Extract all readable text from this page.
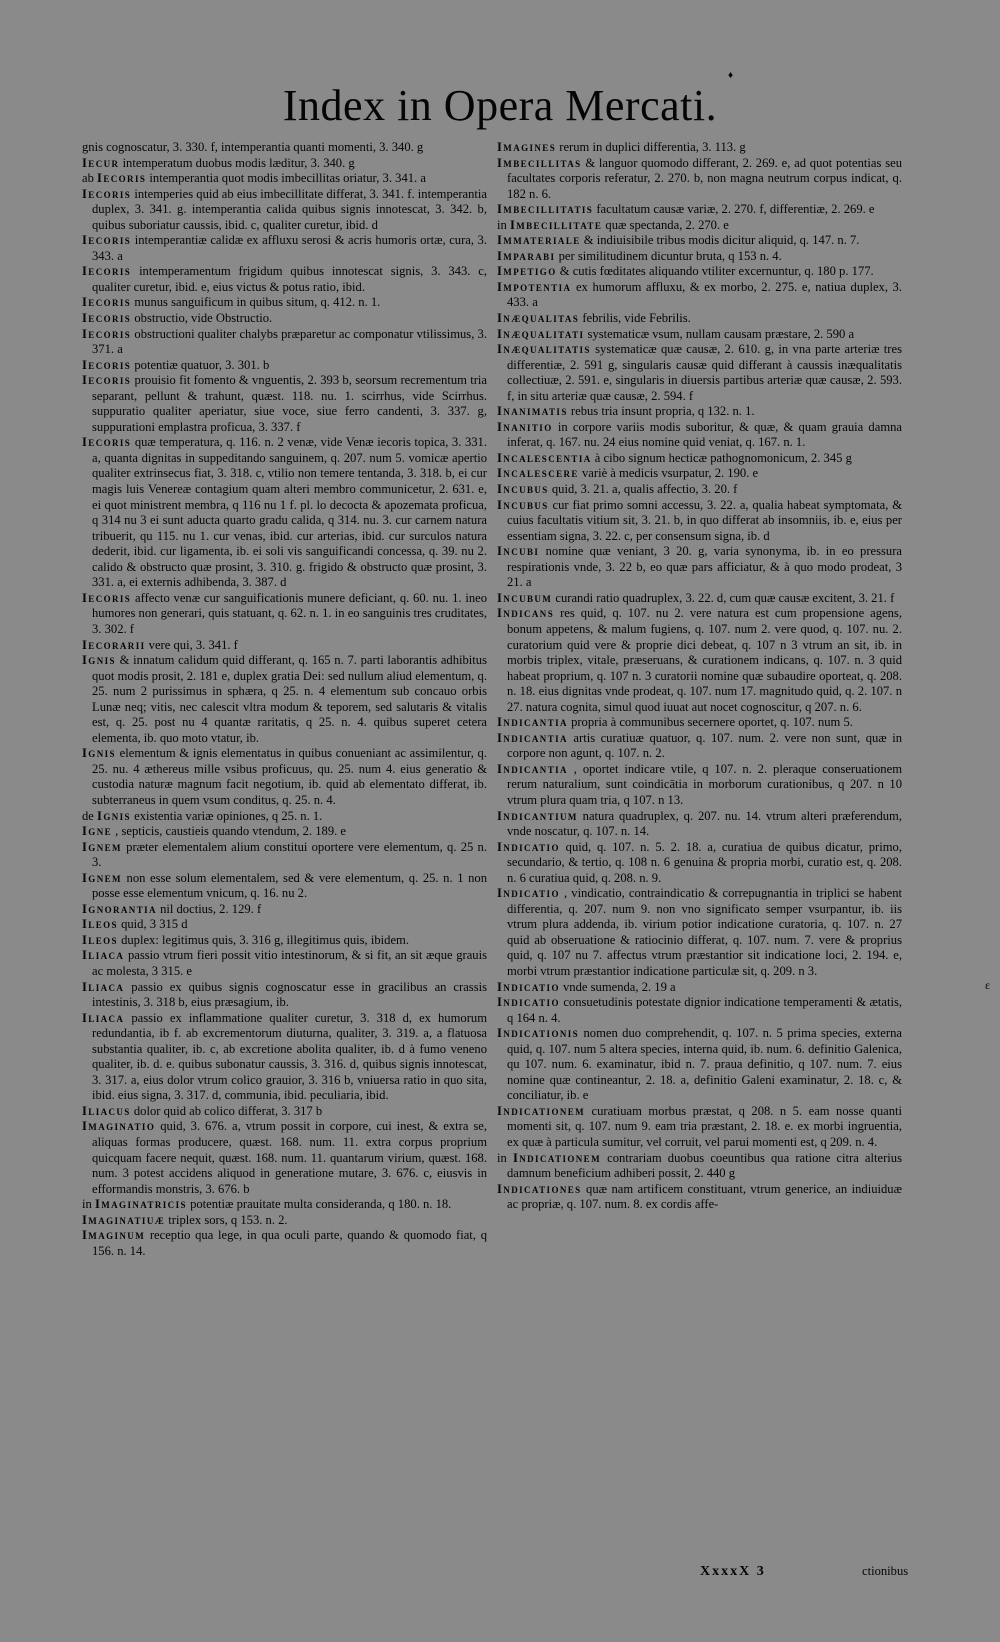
♦
Index in Opera Mercati.
gnis cognoscatur, 3. 330. f, intemperantia quanti momenti, 3. 340. g
Iecur intemperatum duobus modis læditur, 3. 340. g
ab Iecoris intemperantia quot modis imbecillitas oriatur, 3. 341. a
Iecoris intemperies quid ab eius imbecillitate differat, 3. 341. f. intemperantia duplex, 3. 341. g. intemperantia calida quibus signis innotescat, 3. 342. b, quibus suboriatur caussis, ibid. c, qualiter curetur, ibid. d
Iecoris intemperantiæ calidæ ex affluxu serosi & acris humoris ortæ, cura, 3. 343. a
Iecoris intemperamentum frigidum quibus innotescat signis, 3. 343. c, qualiter curetur, ibid. e, eius victus & potus ratio, ibid.
Iecoris munus sanguificum in quibus situm, q. 412. n. 1.
Iecoris obstructio, vide Obstructio.
Iecoris obstructioni qualiter chalybs præparetur ac componatur vtilissimus, 3. 371. a
Iecoris potentiæ quatuor, 3. 301. b
Iecoris prouisio fit fomento & vnguentis, 2. 393 b, seorsum recrementum tria separant, pellunt & trahunt, quæst. 118. nu. 1. scirrhus, vide Scirrhus. suppuratio qualiter aperiatur, siue voce, siue ferro candenti, 3. 337. g, suppurationi emplastra proficua, 3. 337. f
Iecoris quæ temperatura, q. 116. n. 2 venæ, vide Venæ iecoris topica, 3. 331. a, quanta dignitas in suppeditando sanguinem, q. 207. num 5. vomicæ apertio qualiter extrinsecus fiat, 3. 318. c, vtilio non temere tentanda, 3. 318. b, ei cur magis luis Venereæ contagium quam alteri membro communicetur, 2. 631. e, ei quot ministrent membra, q 116 nu 1 f. pl. lo decocta & apozemata proficua, q 314 nu 3 ei sunt aducta quarto gradu calida, q 314. nu. 3. cur carnem natura tribuerit, qu 115. nu 1. cur venas, ibid. cur arterias, ibid. cur surculos natura dederit, ibid. cur ligamenta, ib. ei soli vis sanguificandi concessa, q. 39. nu 2. calido & obstructo quæ prosint, 3. 310. g. frigido & obstructo quæ prosint, 3. 331. a, ei externis adhibenda, 3. 387. d
Iecoris affecto venæ cur sanguificationis munere deficiant, q. 60. nu. 1. ineo humores non generari, quis statuant, q. 62. n. 1. in eo sanguinis tres cruditates, 3. 302. f
Iecorarii vere qui, 3. 341. f
Ignis & innatum calidum quid differant, q. 165 n. 7. parti laborantis adhibitus quot modis prosit, 2. 181 e, duplex gratia Dei: sed nullum aliud elementum, q. 25. num 2 purissimus in sphæra, q 25. n. 4 elementum sub concauo orbis Lunæ neq; vitis, nec calescit vltra modum & teporem, sed salutaris & vitalis est, q. 25. post nu 4 quantæ raritatis, q 25. n. 4. quibus superet cetera elementa, ib. quo moto vtatur, ib.
Ignis elementum & ignis elementatus in quibus conueniant ac assimilentur, q. 25. nu. 4 æthereus mille vsibus proficuus, qu. 25. num 4. eius generatio & custodia naturæ magnum facit negotium, ib. quid ab elementato differat, ib. subterraneus in quem vsum conditus, q. 25. n. 4.
de Ignis existentia variæ opiniones, q 25. n. 1.
Igne , septicis, caustieis quando vtendum, 2. 189. e
Ignem præter elementalem alium constitui oportere vere elementum, q. 25 n. 3.
Ignem non esse solum elementalem, sed & vere elementum, q. 25. n. 1 non posse esse elementum vnicum, q. 16. nu 2.
Ignorantia nil doctius, 2. 129. f
Ileos quid, 3 315 d
Ileos duplex: legitimus quis, 3. 316 g, illegitimus quis, ibidem.
Iliaca passio vtrum fieri possit vitio intestinorum, & si fit, an sit æque grauis ac molesta, 3 315. e
Iliaca passio ex quibus signis cognoscatur esse in gracilibus an crassis intestinis, 3. 318 b, eius præsagium, ib.
Iliaca passio ex inflammatione qualiter curetur, 3. 318 d, ex humorum redundantia, ib f. ab excrementorum diuturna, qualiter, 3. 319. a, a flatuosa substantia qualiter, ib. c, ab excretione abolita qualiter, ib. d à fumo veneno qualiter, ib. d. e. quibus subonatur caussis, 3. 316. d, quibus signis innotescat, 3. 317. a, eius dolor vtrum colico grauior, 3. 316 b, vniuersa ratio in quo sita, ibid. eius signa, 3. 317. d, communia, ibid. peculiaria, ibid.
Iliacus dolor quid ab colico differat, 3. 317 b
Imaginatio quid, 3. 676. a, vtrum possit in corpore, cui inest, & extra se, aliquas formas producere, quæst. 168. num. 11. extra corpus proprium quicquam facere nequit, quæst. 168. num. 11. quantarum virium, quæst. 168. num. 3 potest accidens aliquod in generatione mutare, 3. 676. c, eiusvis in efformandis monstris, 3. 676. b
in Imaginatricis potentiæ prauitate multa consideranda, q 180. n. 18.
Imaginatiuæ triplex sors, q 153. n. 2.
Imaginum receptio qua lege, in qua oculi parte, quando & quomodo fiat, q 156. n. 14.
Imagines rerum in duplici differentia, 3. 113. g
Imbecillitas & languor quomodo differant, 2. 269. e, ad quot potentias seu facultates corporis referatur, 2. 270. b, non magna neutrum corpus indicat, q. 182 n. 6.
Imbecillitatis facultatum causæ variæ, 2. 270. f, differentiæ, 2. 269. e
in Imbecillitate quæ spectanda, 2. 270. e
Immateriale & indiuisibile tribus modis dicitur aliquid, q. 147. n. 7.
Imparabi per similitudinem dicuntur bruta, q 153 n. 4.
Impetigo & cutis fœditates aliquando vtiliter excernuntur, q. 180 p. 177.
Impotentia ex humorum affluxu, & ex morbo, 2. 275. e, natiua duplex, 3. 433. a
Inæqualitas febrilis, vide Febrilis.
Inæqualitati systematicæ vsum, nullam causam præstare, 2. 590 a
Inæqualitatis systematicæ quæ causæ, 2. 610. g, in vna parte arteriæ tres differentiæ, 2. 591 g, singularis causæ quid differant à caussis inæqualitatis collectiuæ, 2. 591. e, singularis in diuersis partibus arteriæ quæ causæ, 2. 593. f, in situ arteriæ quæ causæ, 2. 594. f
Inanimatis rebus tria insunt propria, q 132. n. 1.
Inanitio in corpore variis modis suboritur, & quæ, & quam grauia damna inferat, q. 167. nu. 24 eius nomine quid veniat, q. 167. n. 1.
Incalescentia à cibo signum hecticæ pathognomonicum, 2. 345 g
Incalescere variè à medicis vsurpatur, 2. 190. e
Incubus quid, 3. 21. a, qualis affectio, 3. 20. f
Incubus cur fiat primo somni accessu, 3. 22. a, qualia habeat symptomata, & cuius facultatis vitium sit, 3. 21. b, in quo differat ab insomniis, ib. e, eius per essentiam signa, 3. 22. c, per consensum signa, ib. d
Incubi nomine quæ veniant, 3 20. g, varia synonyma, ib. in eo pressura respirationis vnde, 3. 22 b, eo quæ pars afficiatur, & à quo modo prodeat, 3 21. a
Incubum curandi ratio quadruplex, 3. 22. d, cum quæ causæ excitent, 3. 21. f
Indicans res quid, q. 107. nu 2. vere natura est cum propensione agens, bonum appetens, & malum fugiens, q. 107. num 2. vere quod, q. 107. nu. 2. curatorium quid vere & proprie dici debeat, q. 107 n 3 vtrum an sit, ib. in morbis triplex, vitale, præseruans, & curationem indicans, q. 107. n. 3 quid habeat proprium, q. 107 n. 3 curatorii nomine quæ subaudire oporteat, q. 208. n. 18. eius dignitas vnde prodeat, q. 107. num 17. magnitudo quid, q. 2. 107. n 27. natura cognita, simul quod iuuat aut nocet cognoscitur, q 207. n. 6.
Indicantia propria à communibus secernere oportet, q. 107. num 5.
Indicantia artis curatiuæ quatuor, q. 107. num. 2. vere non sunt, quæ in corpore non agunt, q. 107. n. 2.
Indicantia , oportet indicare vtile, q 107. n. 2. pleraque conseruationem rerum naturalium, sunt coindicātia in morborum curationibus, q 207. n 10 vtrum plura quam tria, q 107. n 13.
Indicantium natura quadruplex, q. 207. nu. 14. vtrum alteri præferendum, vnde noscatur, q. 107. n. 14.
Indicatio quid, q. 107. n. 5. 2. 18. a, curatiua de quibus dicatur, primo, secundario, & tertio, q. 108 n. 6 genuina & propria morbi, curatio est, q. 208. n. 6 curatiua quid, q. 208. n. 9.
Indicatio , vindicatio, contraindicatio & correpugnantia in triplici se habent differentia, q. 207. num 9. non vno significato semper vsurpantur, ib. iis vtrum plura addenda, ib. virium potior indicatione curatoria, q. 107. n. 27 quid ab obseruatione & ratiocinio differat, q. 107. num. 7. vere & proprius quid, q. 107 nu 7. affectus vtrum præstantior sit indicatione loci, 2. 194. e, morbi vtrum præstantior indicatione particulæ sit, q. 209. n 3.
Indicatio vnde sumenda, 2. 19 a
Indicatio consuetudinis potestate dignior indicatione temperamenti & ætatis, q 164 n. 4.
Indicationis nomen duo comprehendit, q. 107. n. 5 prima species, externa quid, q. 107. num 5 altera species, interna quid, ib. num. 6. definitio Galenica, qu 107. num. 6. examinatur, ibid n. 7. praua definitio, q 107. num. 7. eius nomine quæ contineantur, 2. 18. a, definitio Galeni examinatur, 2. 18. c, & conciliatur, ib. e
Indicationem curatiuam morbus præstat, q 208. n 5. eam nosse quanti momenti sit, q. 107. num 9. eam tria præstant, 2. 18. e. ex morbi ingruentia, ex quæ à particula sumitur, vel corruit, vel parui momenti est, q 209. n. 4.
in Indicationem contrariam duobus coeuntibus qua ratione citra alterius damnum beneficium adhiberi possit, 2. 440 g
Indicationes quæ nam artificem constituant, vtrum generice, an indiuiduæ ac propriæ, q. 107. num. 8. ex cordis affe-
XxxxX 3	ctionibus
ε
